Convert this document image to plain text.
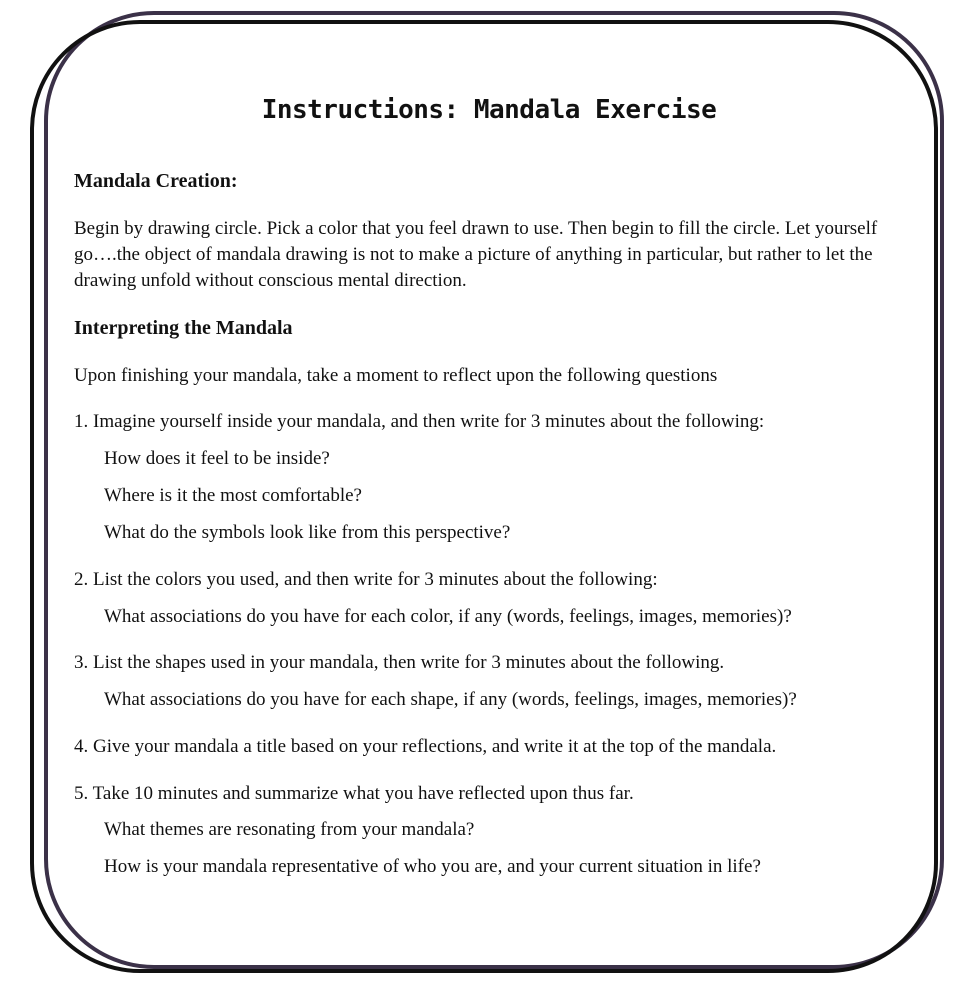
Instructions: Mandala Exercise
Mandala Creation:
Begin by drawing circle. Pick a color that you feel drawn to use. Then begin to fill the circle. Let yourself go….the object of mandala drawing is not to make a picture of anything in particular, but rather to let the drawing unfold without conscious mental direction.
Interpreting the Mandala
Upon finishing your mandala, take a moment to reflect upon the following questions
1. Imagine yourself inside your mandala, and then write for 3 minutes about the following:
How does it feel to be inside?
Where is it the most comfortable?
What do the symbols look like from this perspective?
2. List the colors you used, and then write for 3 minutes about the following:
What associations do you have for each color, if any (words, feelings, images, memories)?
3. List the shapes used in your mandala, then write for 3 minutes about the following.
What associations do you have for each shape, if any (words, feelings, images, memories)?
4. Give your mandala a title based on your reflections, and write it at the top of the mandala.
5. Take 10 minutes and summarize what you have reflected upon thus far.
What themes are resonating from your mandala?
How is your mandala representative of who you are, and your current situation in life?
